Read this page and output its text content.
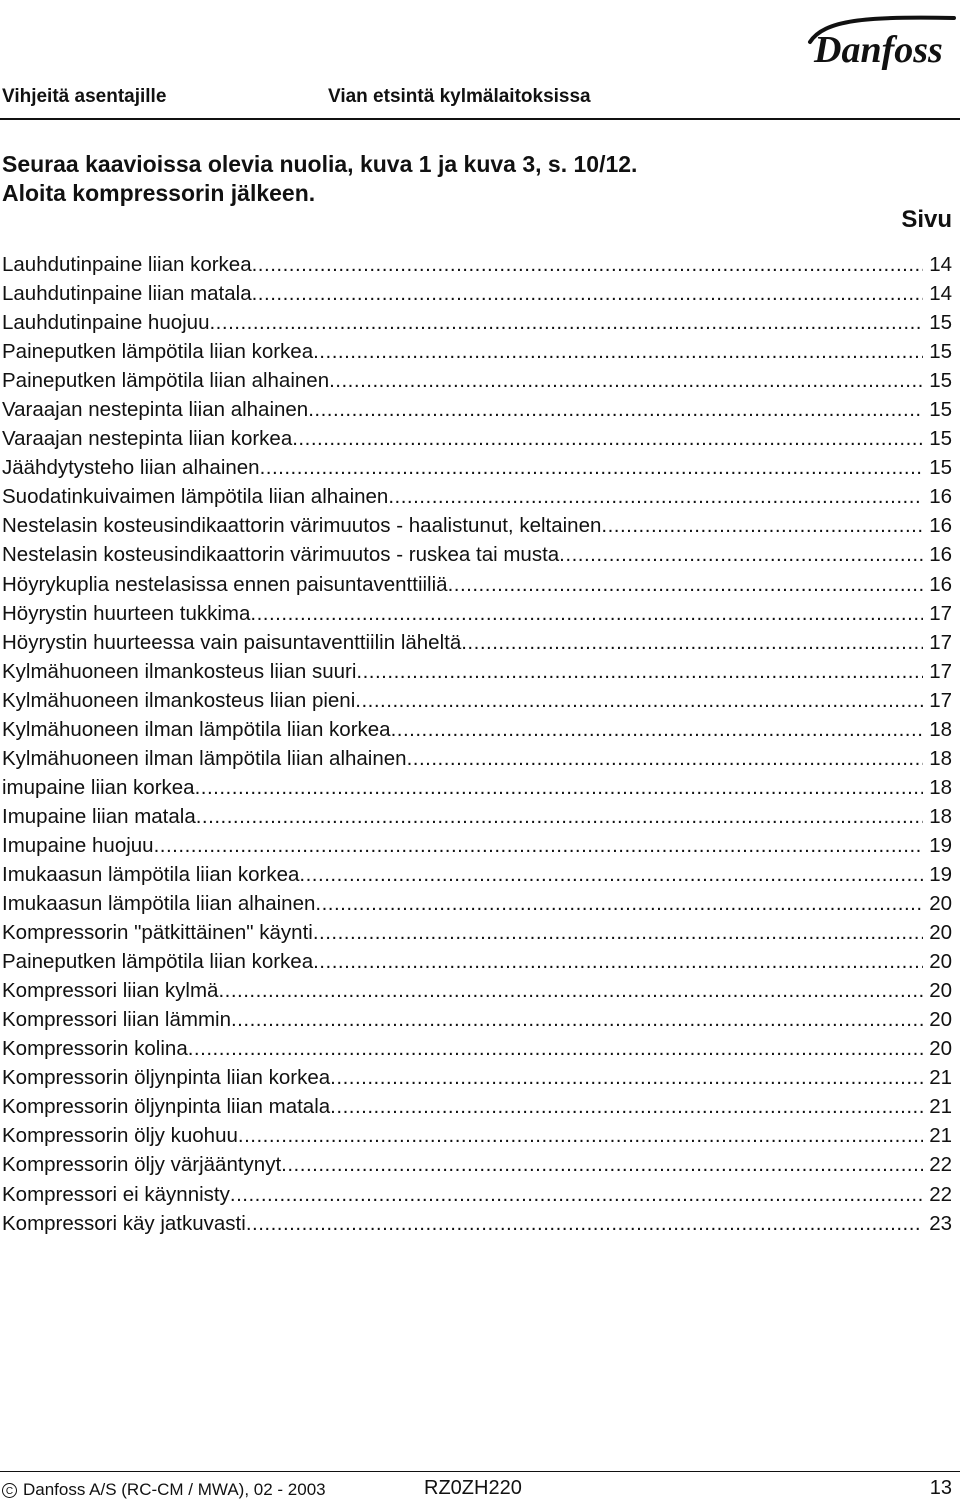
Danfoss
Vihjeitä asentajille	Vian etsintä kylmälaitoksissa
Seuraa kaavioissa olevia nuolia, kuva 1 ja kuva 3, s. 10/12.
Aloita kompressorin jälkeen.
Sivu
Lauhdutinpaine liian korkea .....	14
Lauhdutinpaine liian matala .....	14
Lauhdutinpaine huojuu .....	15
Paineputken lämpötila liian korkea .....	15
Paineputken lämpötila liian alhainen .....	15
Varaajan nestepinta liian alhainen .....	15
Varaajan nestepinta liian korkea .....	15
Jäähdytysteho liian alhainen .....	15
Suodatinkuivaimen lämpötila liian alhainen .....	16
Nestelasin kosteusindikaattorin värimuutos - haalistunut, keltainen .....	16
Nestelasin kosteusindikaattorin värimuutos - ruskea tai musta .....	16
Höyrykuplia nestelasissa ennen paisuntaventtiiliä .....	16
Höyrystin huurteen tukkima .....	17
Höyrystin huurteessa vain paisuntaventtiilin läheltä .....	17
Kylmähuoneen ilmankosteus liian suuri .....	17
Kylmähuoneen ilmankosteus liian pieni .....	17
Kylmähuoneen ilman lämpötila liian korkea .....	18
Kylmähuoneen ilman lämpötila liian alhainen .....	18
imupaine liian korkea .....	18
Imupaine liian matala .....	18
Imupaine huojuu .....	19
Imukaasun lämpötila liian korkea .....	19
Imukaasun lämpötila liian alhainen .....	20
Kompressorin "pätkittäinen" käynti .....	20
Paineputken lämpötila liian korkea .....	20
Kompressori liian kylmä .....	20
Kompressori liian lämmin .....	20
Kompressorin kolina .....	20
Kompressorin öljynpinta liian korkea .....	21
Kompressorin öljynpinta liian matala .....	21
Kompressorin öljy kuohuu .....	21
Kompressorin öljy värjääntynyt .....	22
Kompressori ei käynnisty .....	22
Kompressori käy jatkuvasti .....	23
C Danfoss A/S (RC-CM / MWA), 02 - 2003	RZ0ZH220	13
